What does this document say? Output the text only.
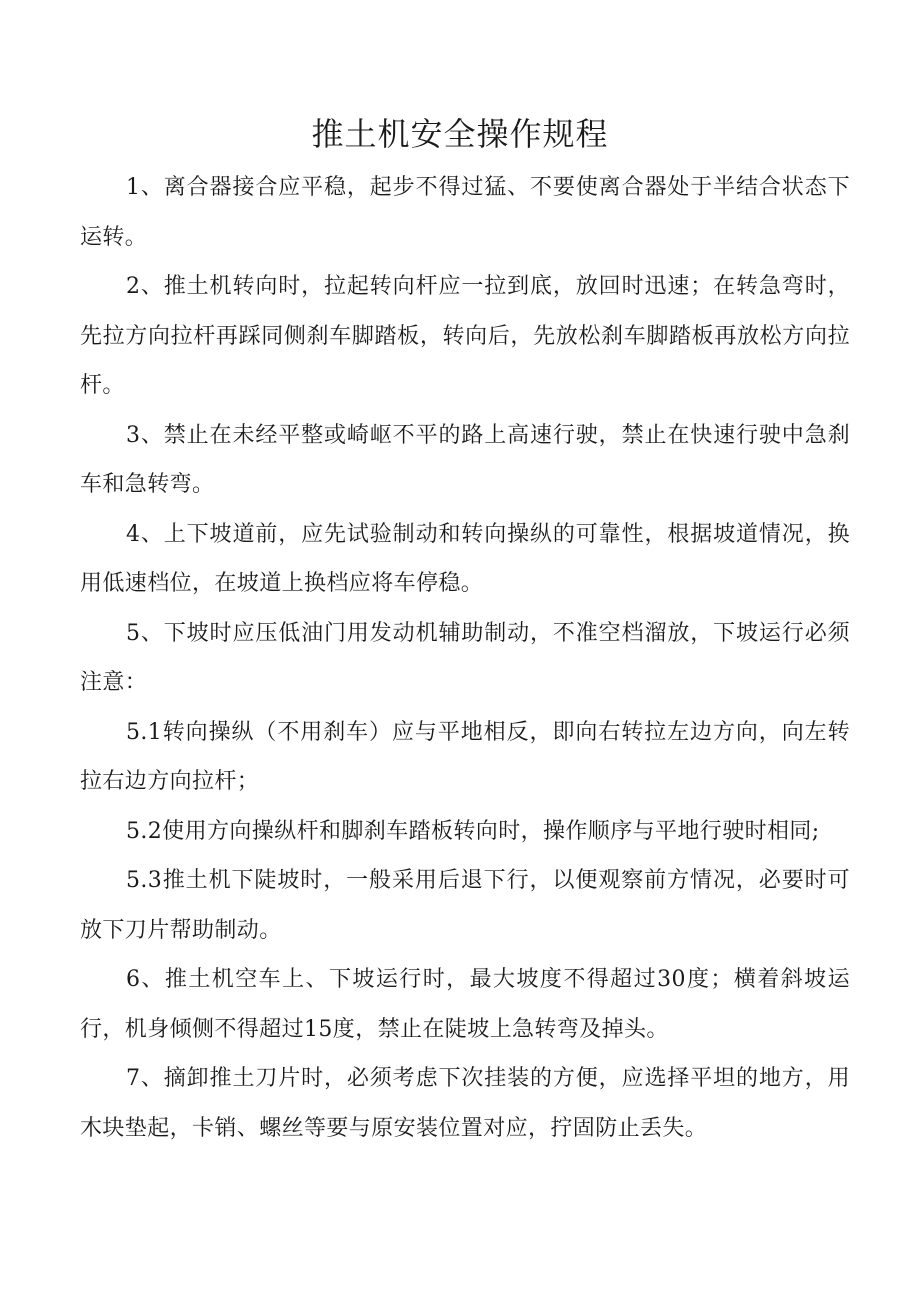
推土机安全操作规程

1、离合器接合应平稳，起步不得过猛、不要使离合器处于半结合状态下运转。

2、推土机转向时，拉起转向杆应一拉到底，放回时迅速；在转急弯时，先拉方向拉杆再踩同侧刹车脚踏板，转向后，先放松刹车脚踏板再放松方向拉杆。

3、禁止在未经平整或崎岖不平的路上高速行驶，禁止在快速行驶中急刹车和急转弯。

4、上下坡道前，应先试验制动和转向操纵的可靠性，根据坡道情况，换用低速档位，在坡道上换档应将车停稳。

5、下坡时应压低油门用发动机辅助制动，不准空档溜放，下坡运行必须注意：

5.1转向操纵（不用刹车）应与平地相反，即向右转拉左边方向，向左转拉右边方向拉杆；

5.2使用方向操纵杆和脚刹车踏板转向时，操作顺序与平地行驶时相同;

5.3推土机下陡坡时，一般采用后退下行，以便观察前方情况，必要时可放下刀片帮助制动。

6、推土机空车上、下坡运行时，最大坡度不得超过30度；横着斜坡运行，机身倾侧不得超过15度，禁止在陡坡上急转弯及掉头。

7、摘卸推土刀片时，必须考虑下次挂装的方便，应选择平坦的地方，用木块垫起，卡销、螺丝等要与原安装位置对应，拧固防止丢失。
